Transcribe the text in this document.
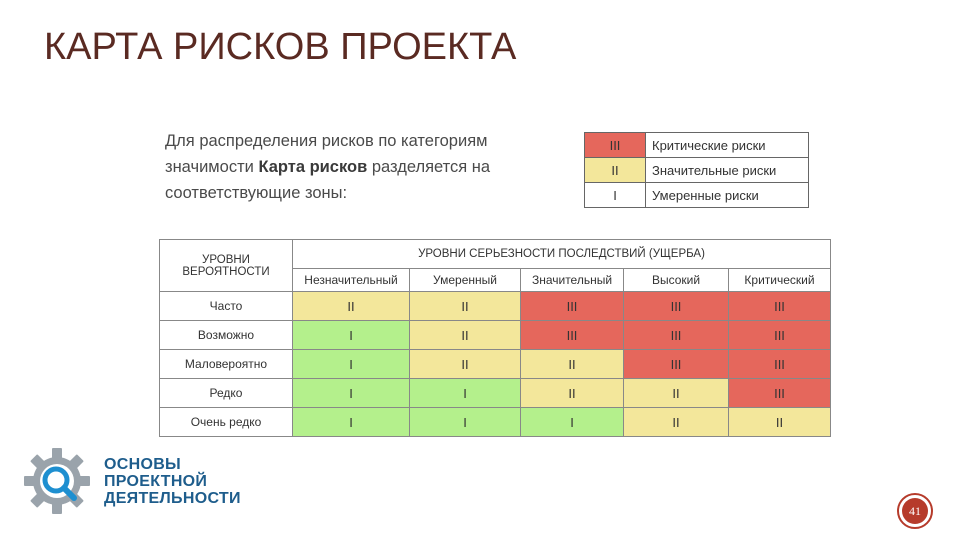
КАРТА РИСКОВ ПРОЕКТА
Для распределения рисков по категориям значимости Карта рисков разделяется на соответствующие зоны:
III	Критические риски
II	Значительные риски
I	Умеренные риски
УРОВНИ ВЕРОЯТНОСТИ	УРОВНИ СЕРЬЕЗНОСТИ ПОСЛЕДСТВИЙ (УЩЕРБА)				
	Незначительный	Умеренный	Значительный	Высокий	Критический
Часто	II	II	III	III	III
Возможно	I	II	III	III	III
Маловероятно	I	II	II	III	III
Редко	I	I	II	II	III
Очень редко	I	I	I	II	II
ОСНОВЫ
ПРОЕКТНОЙ
ДЕЯТЕЛЬНОСТИ
41
